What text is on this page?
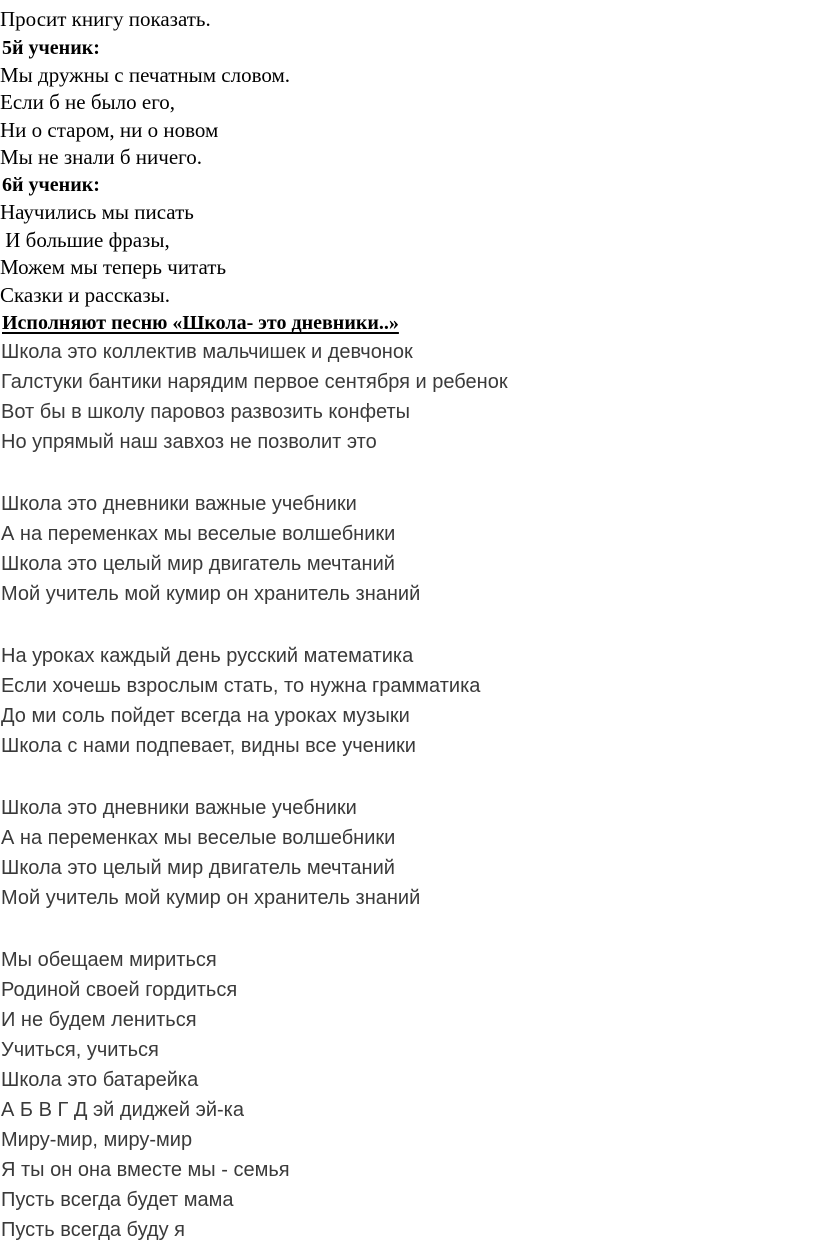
Просит книгу показать.

5й ученик:

Мы дружны с печатным словом.

Если б не было его,

Ни о старом, ни о новом

Мы не знали б ничего.

6й ученик:

Научились мы писать

И большие фразы,

Можем мы теперь читать

Сказки и рассказы.

Исполняют песню «Школа- это дневники..»

Школа это коллектив мальчишек и девчонок

Галстуки бантики нарядим первое сентября и ребенок

Вот бы в школу паровоз развозить конфеты

Но упрямый наш завхоз не позволит это

Школа это дневники важные учебники

А на переменках мы веселые волшебники

Школа это целый мир двигатель мечтаний

Мой учитель мой кумир он хранитель знаний

На уроках каждый день русский математика

Если хочешь взрослым стать, то нужна грамматика

До ми соль пойдет всегда на уроках музыки

Школа с нами подпевает, видны все ученики

Школа это дневники важные учебники

А на переменках мы веселые волшебники

Школа это целый мир двигатель мечтаний

Мой учитель мой кумир он хранитель знаний

Мы обещаем мириться

Родиной своей гордиться

И не будем лениться

Учиться, учиться

Школа это батарейка

А Б В Г Д эй диджей эй-ка

Миру-мир, миру-мир

Я ты он она вместе мы - семья

Пусть всегда будет мама

Пусть всегда буду я
